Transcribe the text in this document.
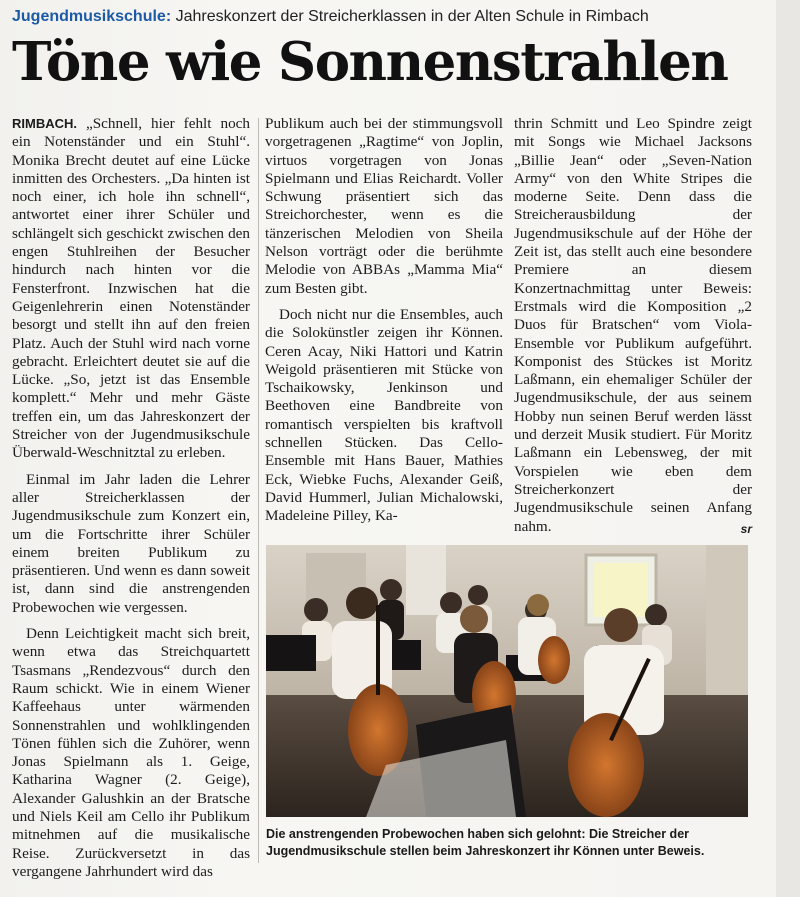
Jugendmusikschule: Jahreskonzert der Streicherklassen in der Alten Schule in Rimbach
Töne wie Sonnenstrahlen

RIMBACH. „Schnell, hier fehlt noch ein Notenständer und ein Stuhl“. Monika Brecht deutet auf eine Lücke inmitten des Orchesters. „Da hinten ist noch einer, ich hole ihn schnell“, antwortet einer ihrer Schüler und schlängelt sich geschickt zwischen den engen Stuhlreihen der Besucher hindurch nach hinten vor die Fensterfront. Inzwischen hat die Geigenlehrerin einen Notenständer besorgt und stellt ihn auf den freien Platz. Auch der Stuhl wird nach vorne gebracht. Erleichtert deutet sie auf die Lücke. „So, jetzt ist das Ensemble komplett.“ Mehr und mehr Gäste treffen ein, um das Jahreskonzert der Streicher von der Jugendmusikschule Überwald-Weschnitztal zu erleben.

Einmal im Jahr laden die Lehrer aller Streicherklassen der Jugendmusikschule zum Konzert ein, um die Fortschritte ihrer Schüler einem breiten Publikum zu präsentieren. Und wenn es dann soweit ist, dann sind die anstrengenden Probewochen wie vergessen.

Denn Leichtigkeit macht sich breit, wenn etwa das Streichquartett Tsasmans „Rendezvous“ durch den Raum schickt. Wie in einem Wiener Kaffeehaus unter wärmenden Sonnenstrahlen und wohlklingenden Tönen fühlen sich die Zuhörer, wenn Jonas Spielmann als 1. Geige, Katharina Wagner (2. Geige), Alexander Galushkin an der Bratsche und Niels Keil am Cello ihr Publikum mitnehmen auf die musikalische Reise. Zurückversetzt in das vergangene Jahrhundert wird das

Publikum auch bei der stimmungsvoll vorgetragenen „Ragtime“ von Joplin, virtuos vorgetragen von Jonas Spielmann und Elias Reichardt. Voller Schwung präsentiert sich das Streichorchester, wenn es die tänzerischen Melodien von Sheila Nelson vorträgt oder die berühmte Melodie von ABBAs „Mamma Mia“ zum Besten gibt.

Doch nicht nur die Ensembles, auch die Solokünstler zeigen ihr Können. Ceren Acay, Niki Hattori und Katrin Weigold präsentieren mit Stücke von Tschaikowsky, Jenkinson und Beethoven eine Bandbreite von romantisch verspielten bis kraftvoll schnellen Stücken. Das Cello-Ensemble mit Hans Bauer, Mathies Eck, Wiebke Fuchs, Alexander Geiß, David Hummerl, Julian Michalowski, Madeleine Pilley, Ka-

thrin Schmitt und Leo Spindre zeigt mit Songs wie Michael Jacksons „Billie Jean“ oder „Seven-Nation Army“ von den White Stripes die moderne Seite. Denn dass die Streicherausbildung der Jugendmusikschule auf der Höhe der Zeit ist, das stellt auch eine besondere Premiere an diesem Konzertnachmittag unter Beweis: Erstmals wird die Komposition „2 Duos für Bratschen“ vom Viola-Ensemble vor Publikum aufgeführt. Komponist des Stückes ist Moritz Laßmann, ein ehemaliger Schüler der Jugendmusikschule, der aus seinem Hobby nun seinen Beruf werden lässt und derzeit Musik studiert. Für Moritz Laßmann ein Lebensweg, der mit Vorspielen wie eben dem Streicherkonzert der Jugendmusikschule seinen Anfang nahm.	sr

Die anstrengenden Probewochen haben sich gelohnt: Die Streicher der Jugendmusikschule stellen beim Jahreskonzert ihr Können unter Beweis.
